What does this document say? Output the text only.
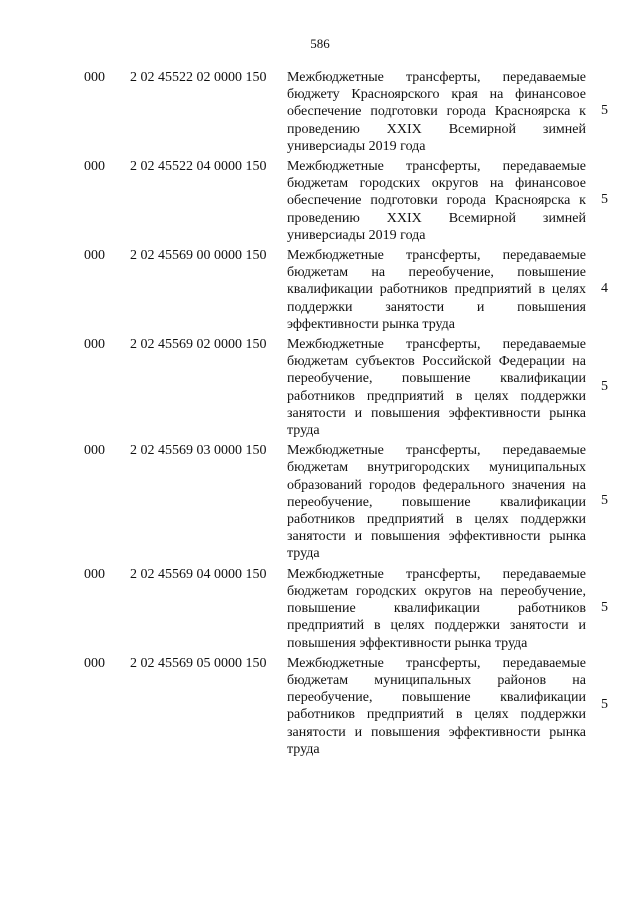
586
000 2 02 45522 02 0000 150 Межбюджетные трансферты, передаваемые бюджету Красноярского края на финансовое обеспечение подготовки города Красноярска к проведению XXIX Всемирной зимней универсиады 2019 года
5
000 2 02 45522 04 0000 150 Межбюджетные трансферты, передаваемые бюджетам городских округов на финансовое обеспечение подготовки города Красноярска к проведению XXIX Всемирной зимней универсиады 2019 года
5
000 2 02 45569 00 0000 150 Межбюджетные трансферты, передаваемые бюджетам на переобучение, повышение квалификации работников предприятий в целях поддержки занятости и повышения эффективности рынка труда
4
000 2 02 45569 02 0000 150 Межбюджетные трансферты, передаваемые бюджетам субъектов Российской Федерации на переобучение, повышение квалификации работников предприятий в целях поддержки занятости и повышения эффективности рынка труда
5
000 2 02 45569 03 0000 150 Межбюджетные трансферты, передаваемые бюджетам внутригородских муниципальных образований городов федерального значения на переобучение, повышение квалификации работников предприятий в целях поддержки занятости и повышения эффективности рынка труда
5
000 2 02 45569 04 0000 150 Межбюджетные трансферты, передаваемые бюджетам городских округов на переобучение, повышение квалификации работников предприятий в целях поддержки занятости и повышения эффективности рынка труда
5
000 2 02 45569 05 0000 150 Межбюджетные трансферты, передаваемые бюджетам муниципальных районов на переобучение, повышение квалификации работников предприятий в целях поддержки занятости и повышения эффективности рынка труда
5
